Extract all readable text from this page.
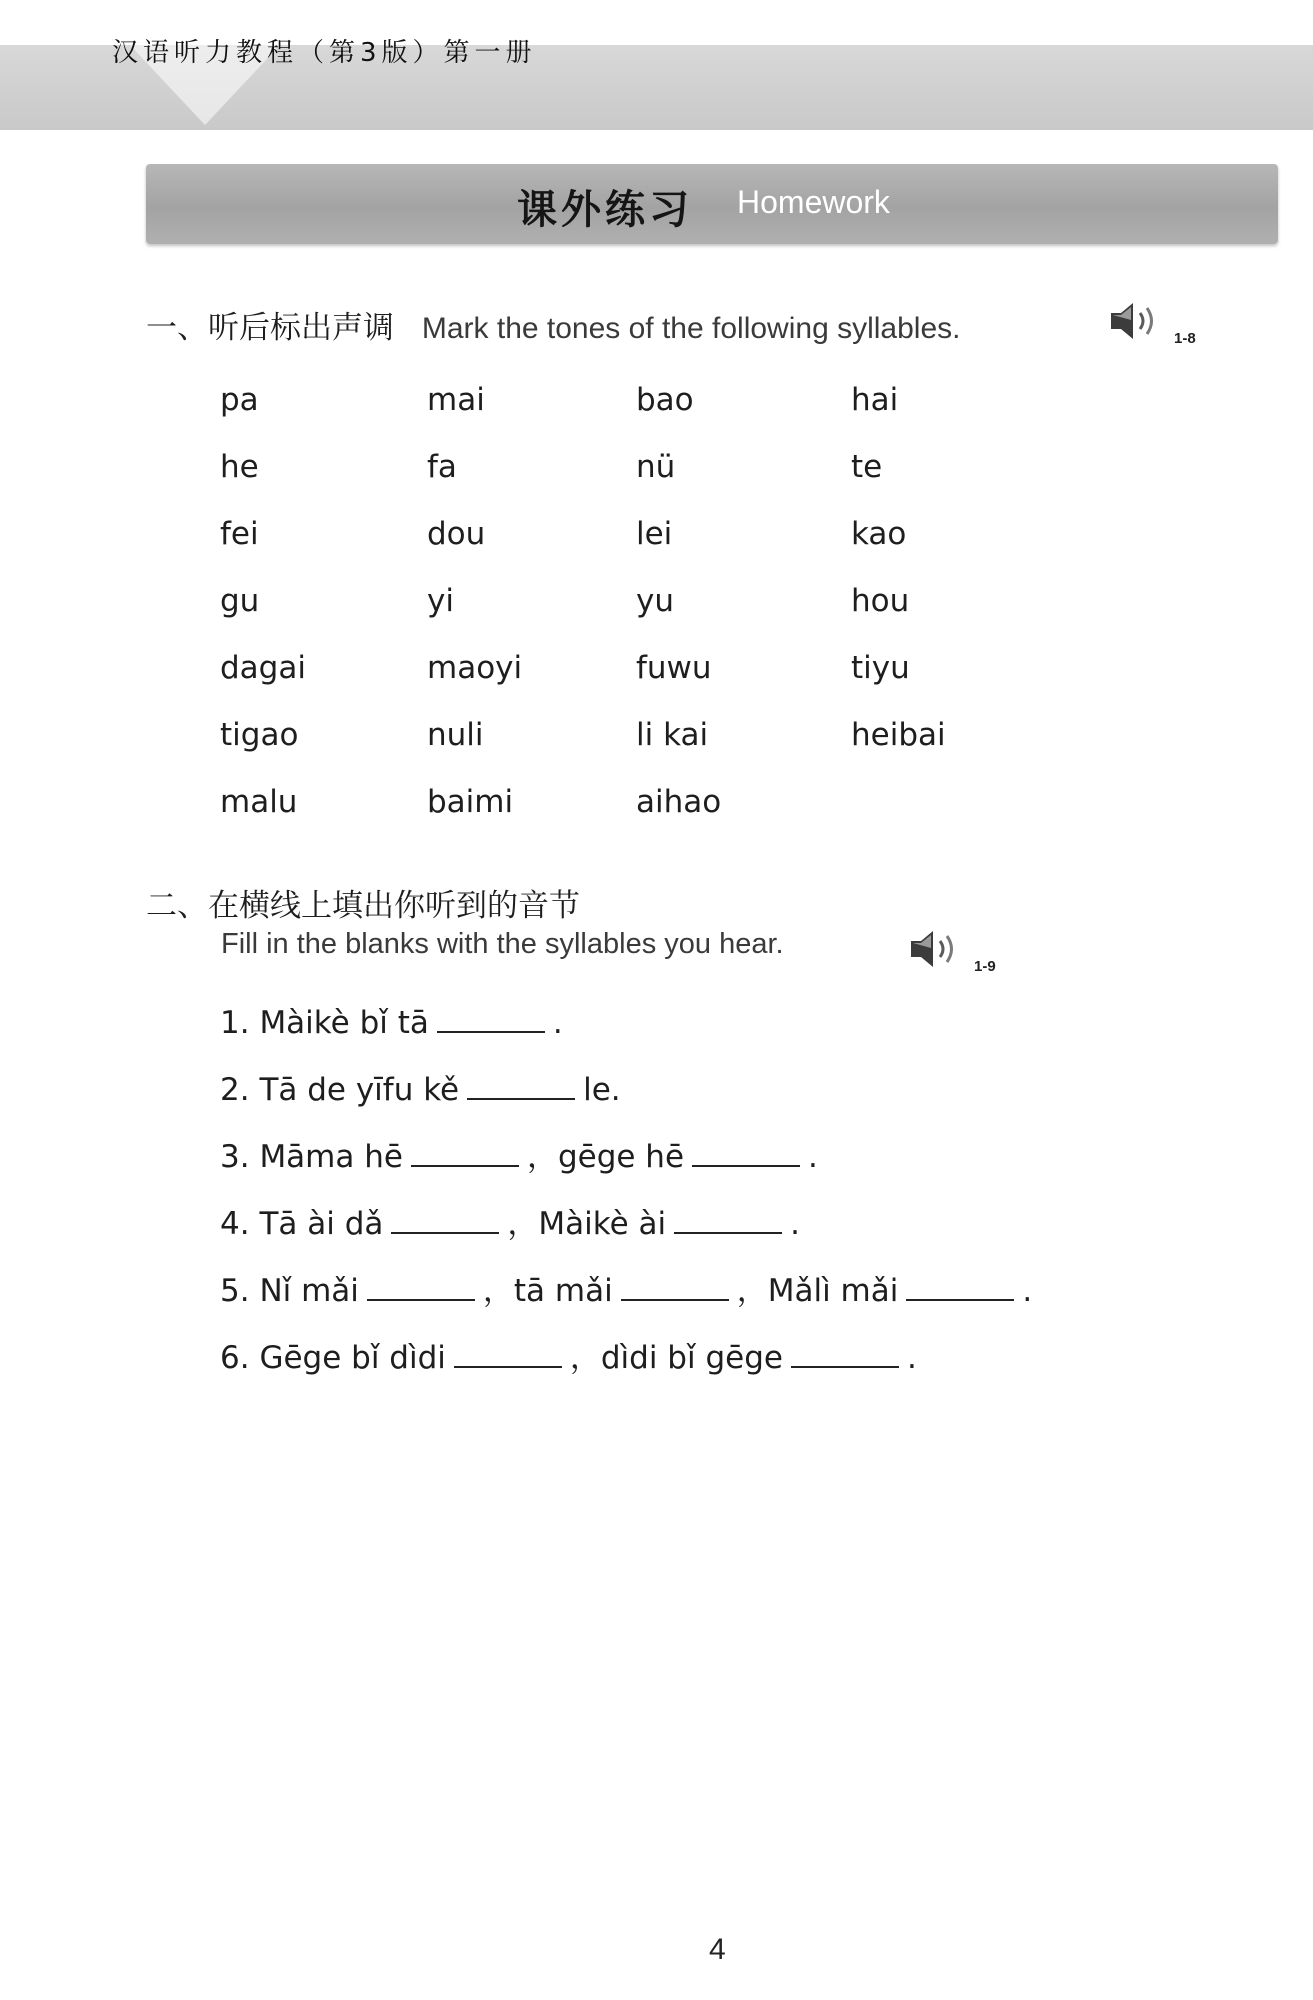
汉语听力教程（第3版）第一册
课外练习 Homework
一、听后标出声调 Mark the tones of the following syllables.	1-8
pa	mai	bao	hai
he	fa	nü	te
fei	dou	lei	kao
gu	yi	yu	hou
dagai	maoyi	fuwu	tiyu
tigao	nuli	li kai	heibai
malu	baimi	aihao
二、在横线上填出你听到的音节
Fill in the blanks with the syllables you hear.
1-9
1. Màikè bǐ tā	.
2. Tā de yīfu kě	le.
3. Māma hē	，gēge hē	.
4. Tā ài dǎ	，Màikè ài	.
5. Nǐ mǎi	，tā mǎi	，Mǎlì mǎi	.
6. Gēge bǐ dìdi	，dìdi bǐ gēge	.
4
